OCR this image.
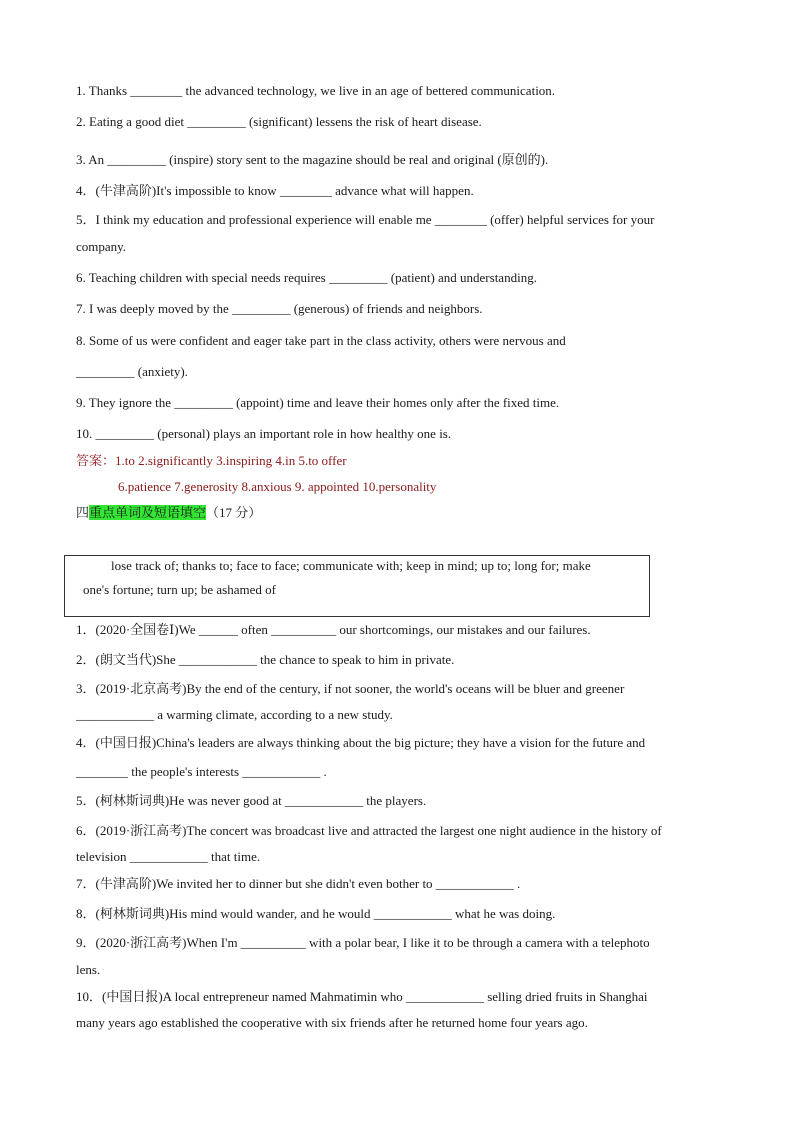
1. Thanks ________ the advanced technology, we live in an age of bettered communication.
2. Eating a good diet _________ (significant) lessens the risk of heart disease.
3. An _________ (inspire) story sent to the magazine should be real and original (原创的).
4．(牛津高阶)It's impossible to know ________ advance what will happen.
5．I think my education and professional experience will enable me ________ (offer) helpful services for your
company.
6. Teaching children with special needs requires _________ (patient) and understanding.
7. I was deeply moved by the _________ (generous) of friends and neighbors.
8. Some of us were confident and eager take part in the class activity, others were nervous and
_________ (anxiety).
9. They ignore the _________ (appoint) time and leave their homes only after the fixed time.
10. _________ (personal) plays an important role in how healthy one is.
答案：1.to 2.significantly 3.inspiring 4.in 5.to offer
6.patience 7.generosity 8.anxious 9. appointed 10.personality
四重点单词及短语填空（17 分）
lose track of; thanks to; face to face; communicate with; keep in mind; up to; long for; make
one's fortune; turn up; be ashamed of
1．(2020·全国卷Ⅰ)We ______ often __________ our shortcomings, our mistakes and our failures.
2．(朗文当代)She ____________ the chance to speak to him in private.
3．(2019·北京高考)By the end of the century, if not sooner, the world's oceans will be bluer and greener
____________ a warming climate, according to a new study.
4．(中国日报)China's leaders are always thinking about the big picture; they have a vision for the future and
________ the people's interests ____________ .
5．(柯林斯词典)He was never good at ____________ the players.
6．(2019·浙江高考)The concert was broadcast live and attracted the largest one night audience in the history of
television ____________ that time.
7．(牛津高阶)We invited her to dinner but she didn't even bother to ____________ .
8．(柯林斯词典)His mind would wander, and he would ____________ what he was doing.
9．(2020·浙江高考)When I'm __________ with a polar bear, I like it to be through a camera with a telephoto
lens.
10．(中国日报)A local entrepreneur named Mahmatimin who ____________ selling dried fruits in Shanghai
many years ago established the cooperative with six friends after he returned home four years ago.
